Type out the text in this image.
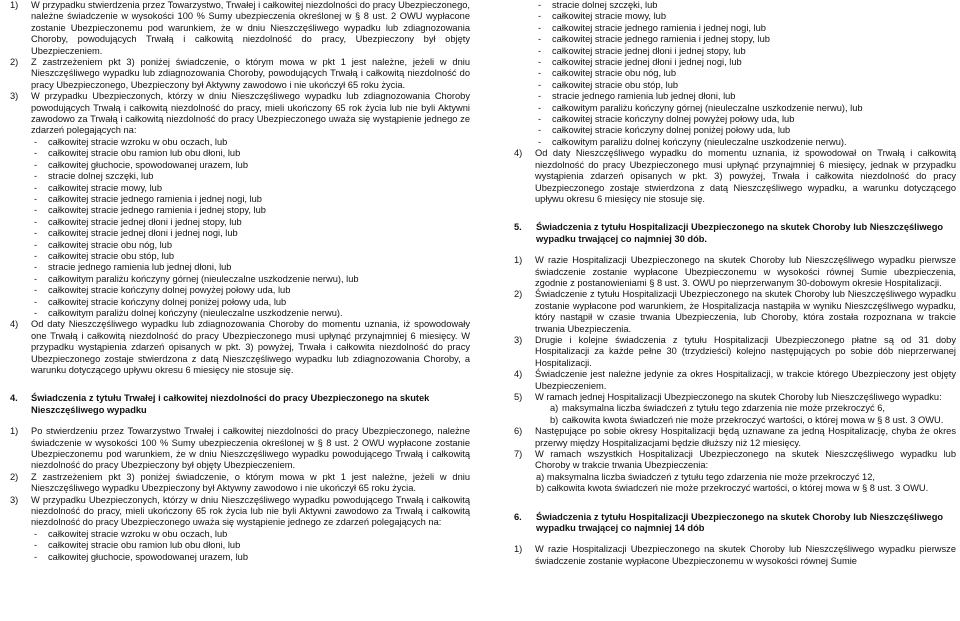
1) W przypadku stwierdzenia przez Towarzystwo, Trwałej i całkowitej niezdolności do pracy Ubezpieczonego, należne świadczenie w wysokości 100 % Sumy ubezpieczenia określonej w § 8 ust. 2 OWU wypłacone zostanie Ubezpieczonemu pod warunkiem, że w dniu Nieszczęśliwego wypadku lub zdiagnozowania Choroby, powodujących Trwałą i całkowitą niezdolność do pracy, Ubezpieczony był objęty Ubezpieczeniem.
2) Z zastrzeżeniem pkt 3) poniżej świadczenie, o którym mowa w pkt 1 jest należne, jeżeli w dniu Nieszczęśliwego wypadku lub zdiagnozowania Choroby, powodujących Trwałą i całkowitą niezdolność do pracy Ubezpieczonego, Ubezpieczony był Aktywny zawodowo i nie ukończył 65 roku życia.
3) W przypadku Ubezpieczonych, którzy w dniu Nieszczęśliwego wypadku lub zdiagnozowania Choroby powodujących Trwałą i całkowitą niezdolność do pracy, mieli ukończony 65 rok życia lub nie byli Aktywni zawodowo za Trwałą i całkowitą niezdolność do pracy Ubezpieczonego uważa się wystąpienie jednego ze zdarzeń polegających na:
- całkowitej stracie wzroku w obu oczach, lub
- całkowitej stracie obu ramion lub obu dłoni, lub
- całkowitej głuchocie, spowodowanej urazem, lub
- stracie dolnej szczęki, lub
- całkowitej stracie mowy, lub
- całkowitej stracie jednego ramienia i jednej nogi, lub
- całkowitej stracie jednego ramienia i jednej stopy, lub
- całkowitej stracie jednej dłoni i jednej stopy, lub
- całkowitej stracie jednej dłoni i jednej nogi, lub
- całkowitej stracie obu nóg, lub
- całkowitej stracie obu stóp, lub
- stracie jednego ramienia lub jednej dłoni, lub
- całkowitym paraliżu kończyny górnej (nieuleczalne uszkodzenie nerwu), lub
- całkowitej stracie kończyny dolnej powyżej połowy uda, lub
- całkowitej stracie kończyny dolnej poniżej połowy uda, lub
- całkowitym paraliżu dolnej kończyny (nieuleczalne uszkodzenie nerwu).
4) Od daty Nieszczęśliwego wypadku lub zdiagnozowania Choroby do momentu uznania, iż spowodowały one Trwałą i całkowitą niezdolność do pracy Ubezpieczonego musi upłynąć przynajmniej 6 miesięcy. W przypadku wystąpienia zdarzeń opisanych w pkt. 3) powyżej, Trwała i całkowita niezdolność do pracy Ubezpieczonego zostaje stwierdzona z datą Nieszczęśliwego wypadku lub zdiagnozowania Choroby, a warunku dotyczącego upływu okresu 6 miesięcy nie stosuje się.
4. Świadczenia z tytułu Trwałej i całkowitej niezdolności do pracy Ubezpieczonego na skutek Nieszczęśliwego wypadku
1) Po stwierdzeniu przez Towarzystwo Trwałej i całkowitej niezdolności do pracy Ubezpieczonego, należne świadczenie w wysokości 100 % Sumy ubezpieczenia określonej w § 8 ust. 2 OWU wypłacone zostanie Ubezpieczonemu pod warunkiem, że w dniu Nieszczęśliwego wypadku powodującego Trwałą i całkowitą niezdolność do pracy Ubezpieczony był objęty Ubezpieczeniem.
2) Z zastrzeżeniem pkt 3) poniżej świadczenie, o którym mowa w pkt 1 jest należne, jeżeli w dniu Nieszczęśliwego wypadku Ubezpieczony był Aktywny zawodowo i nie ukończył 65 roku życia.
3) W przypadku Ubezpieczonych, którzy w dniu Nieszczęśliwego wypadku powodującego Trwałą i całkowitą niezdolność do pracy, mieli ukończony 65 rok życia lub nie byli Aktywni zawodowo za Trwałą i całkowitą niezdolność do pracy Ubezpieczonego uważa się wystąpienie jednego ze zdarzeń polegających na:
- całkowitej stracie wzroku w obu oczach, lub
- całkowitej stracie obu ramion lub obu dłoni, lub
- całkowitej głuchocie, spowodowanej urazem, lub
- stracie dolnej szczęki, lub
- całkowitej stracie mowy, lub
- całkowitej stracie jednego ramienia i jednej nogi, lub
- całkowitej stracie jednego ramienia i jednej stopy, lub
- całkowitej stracie jednej dłoni i jednej stopy, lub
- całkowitej stracie jednej dłoni i jednej nogi, lub
- całkowitej stracie obu nóg, lub
- całkowitej stracie obu stóp, lub
- stracie jednego ramienia lub jednej dłoni, lub
- całkowitym paraliżu kończyny górnej (nieuleczalne uszkodzenie nerwu), lub
- całkowitej stracie kończyny dolnej powyżej połowy uda, lub
- całkowitej stracie kończyny dolnej poniżej połowy uda, lub
- całkowitym paraliżu dolnej kończyny (nieuleczalne uszkodzenie nerwu).
4) Od daty Nieszczęśliwego wypadku do momentu uznania, iż spowodował on Trwałą i całkowitą niezdolność do pracy Ubezpieczonego musi upłynąć przynajmniej 6 miesięcy, jednak w przypadku wystąpienia zdarzeń opisanych w pkt. 3) powyżej, Trwała i całkowita niezdolność do pracy Ubezpieczonego zostaje stwierdzona z datą Nieszczęśliwego wypadku, a warunku dotyczącego upływu okresu 6 miesięcy nie stosuje się.
5. Świadczenia z tytułu Hospitalizacji Ubezpieczonego na skutek Choroby lub Nieszczęśliwego wypadku trwającej co najmniej 30 dób.
1) W razie Hospitalizacji Ubezpieczonego na skutek Choroby lub Nieszczęśliwego wypadku pierwsze świadczenie zostanie wypłacone Ubezpieczonemu w wysokości równej Sumie ubezpieczenia, zgodnie z postanowieniami § 8 ust. 3. OWU po nieprzerwanym 30-dobowym okresie Hospitalizacji.
2) Świadczenie z tytułu Hospitalizacji Ubezpieczonego na skutek Choroby lub Nieszczęśliwego wypadku zostanie wypłacone pod warunkiem, że Hospitalizacja nastąpiła w wyniku Nieszczęśliwego wypadku, który nastąpił w czasie trwania Ubezpieczenia, lub Choroby, która została rozpoznana w trakcie trwania Ubezpieczenia.
3) Drugie i kolejne świadczenia z tytułu Hospitalizacji Ubezpieczonego płatne są od 31 doby Hospitalizacji za każde pełne 30 (trzydzieści) kolejno następujących po sobie dób nieprzerwanej Hospitalizacji.
4) Świadczenie jest należne jedynie za okres Hospitalizacji, w trakcie którego Ubezpieczony jest objęty Ubezpieczeniem.
5) W ramach jednej Hospitalizacji Ubezpieczonego na skutek Choroby lub Nieszczęśliwego wypadku:
a) maksymalna liczba świadczeń z tytułu tego zdarzenia nie może przekroczyć 6,
b) całkowita kwota świadczeń nie może przekroczyć wartości, o której mowa w § 8 ust. 3 OWU.
6) Następujące po sobie okresy Hospitalizacji będą uznawane za jedną Hospitalizację, chyba że okres przerwy między Hospitalizacjami będzie dłuższy niż 12 miesięcy.
7) W ramach wszystkich Hospitalizacji Ubezpieczonego na skutek Nieszczęśliwego wypadku lub Choroby w trakcie trwania Ubezpieczenia:
a) maksymalna liczba świadczeń z tytułu tego zdarzenia nie może przekroczyć 12,
b) całkowita kwota świadczeń nie może przekroczyć wartości, o której mowa w § 8 ust. 3 OWU.
6. Świadczenia z tytułu Hospitalizacji Ubezpieczonego na skutek Choroby lub Nieszczęśliwego wypadku trwającej co najmniej 14 dób
1) W razie Hospitalizacji Ubezpieczonego na skutek Choroby lub Nieszczęśliwego wypadku pierwsze świadczenie zostanie wypłacone Ubezpieczonemu w wysokości równej Sumie
